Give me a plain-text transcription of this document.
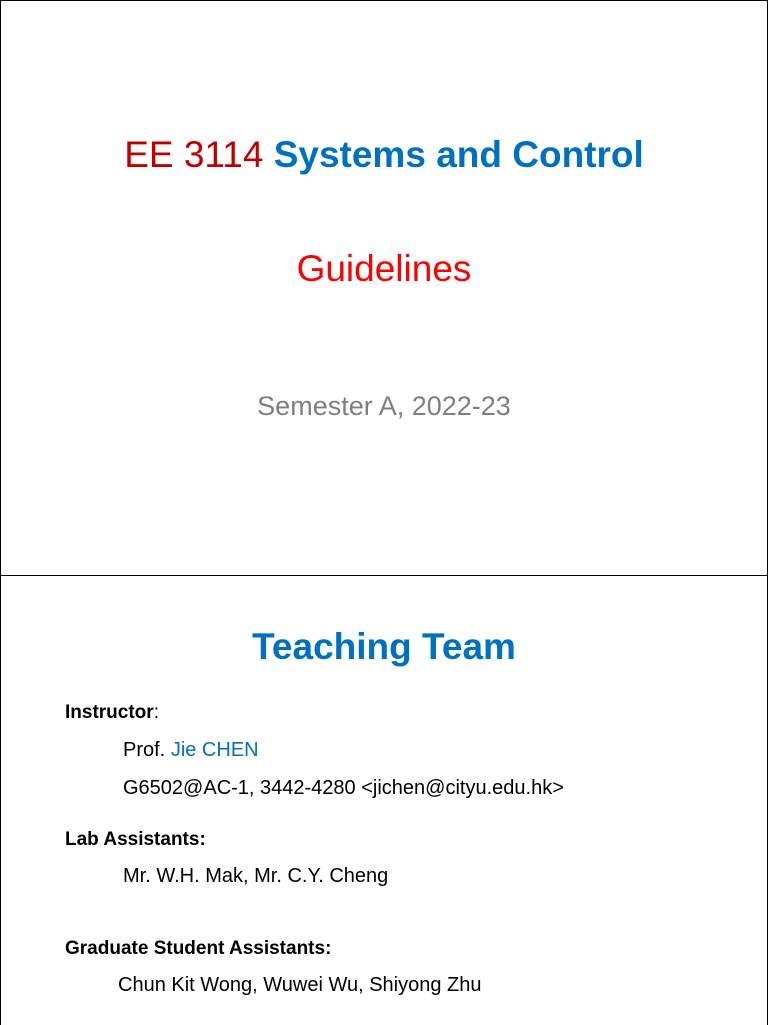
EE 3114 Systems and Control
Guidelines
Semester A, 2022-23
Teaching Team
Instructor:
Prof. Jie CHEN
G6502@AC-1, 3442-4280 <jichen@cityu.edu.hk>
Lab Assistants:
Mr. W.H. Mak, Mr. C.Y. Cheng
Graduate Student Assistants:
Chun Kit Wong, Wuwei Wu, Shiyong Zhu
